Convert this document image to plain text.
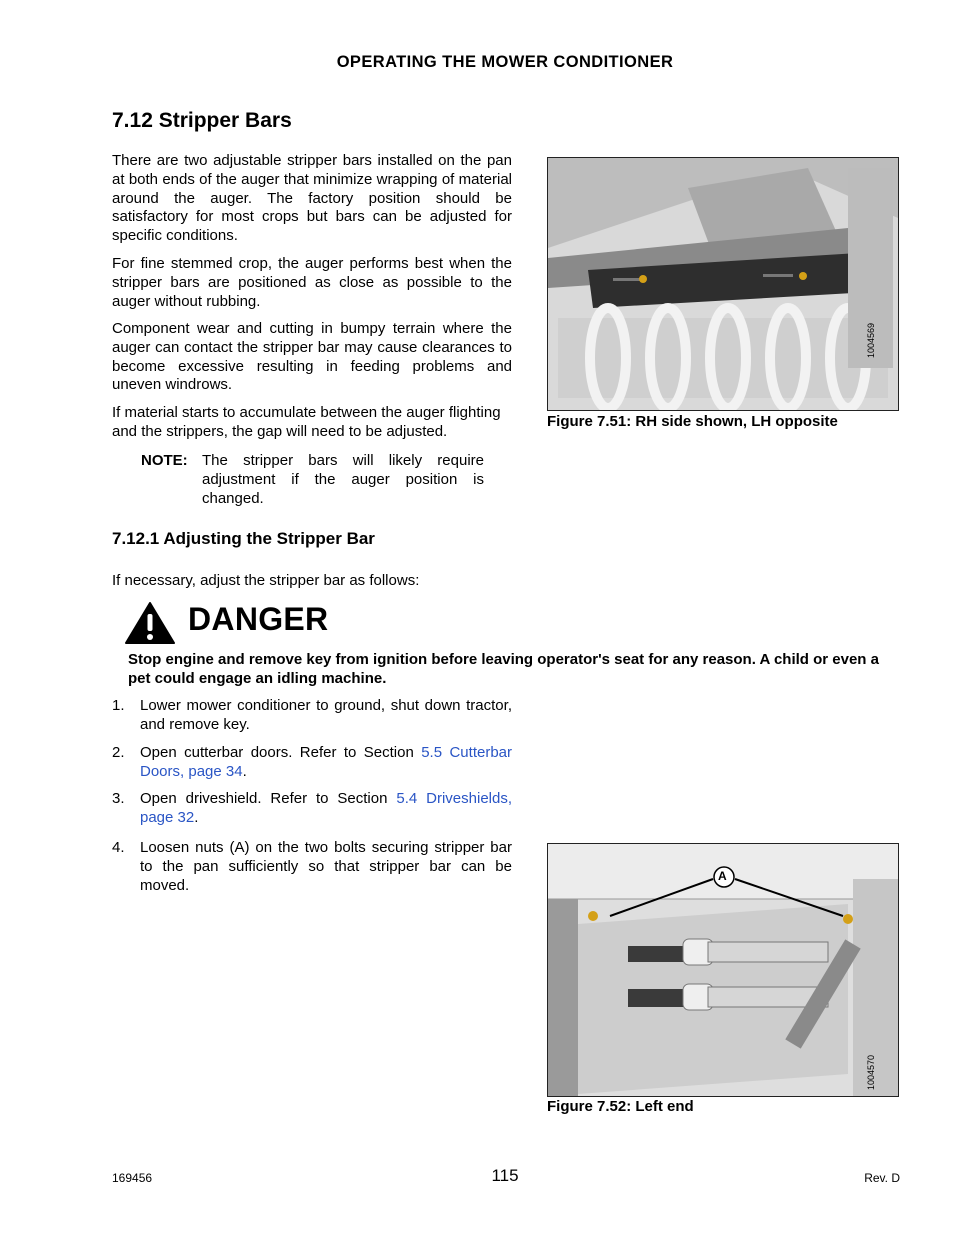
OPERATING THE MOWER CONDITIONER
7.12 Stripper Bars
There are two adjustable stripper bars installed on the pan at both ends of the auger that minimize wrapping of material around the auger. The factory position should be satisfactory for most crops but bars can be adjusted for specific conditions.
For fine stemmed crop, the auger performs best when the stripper bars are positioned as close as possible to the auger without rubbing.
Component wear and cutting in bumpy terrain where the auger can contact the stripper bar may cause clearances to become excessive resulting in feeding problems and uneven windrows.
If material starts to accumulate between the auger flighting and the strippers, the gap will need to be adjusted.
NOTE: The stripper bars will likely require adjustment if the auger position is changed.
1004569
Figure 7.51: RH side shown, LH opposite
7.12.1 Adjusting the Stripper Bar
If necessary, adjust the stripper bar as follows:
DANGER
Stop engine and remove key from ignition before leaving operator's seat for any reason. A child or even a pet could engage an idling machine.
1. Lower mower conditioner to ground, shut down tractor, and remove key.
2. Open cutterbar doors. Refer to Section 5.5 Cutterbar Doors, page 34.
3. Open driveshield. Refer to Section 5.4 Driveshields, page 32.
4. Loosen nuts (A) on the two bolts securing stripper bar to the pan sufficiently so that stripper bar can be moved.
A
1004570
Figure 7.52: Left end
169456	115	Rev. D
